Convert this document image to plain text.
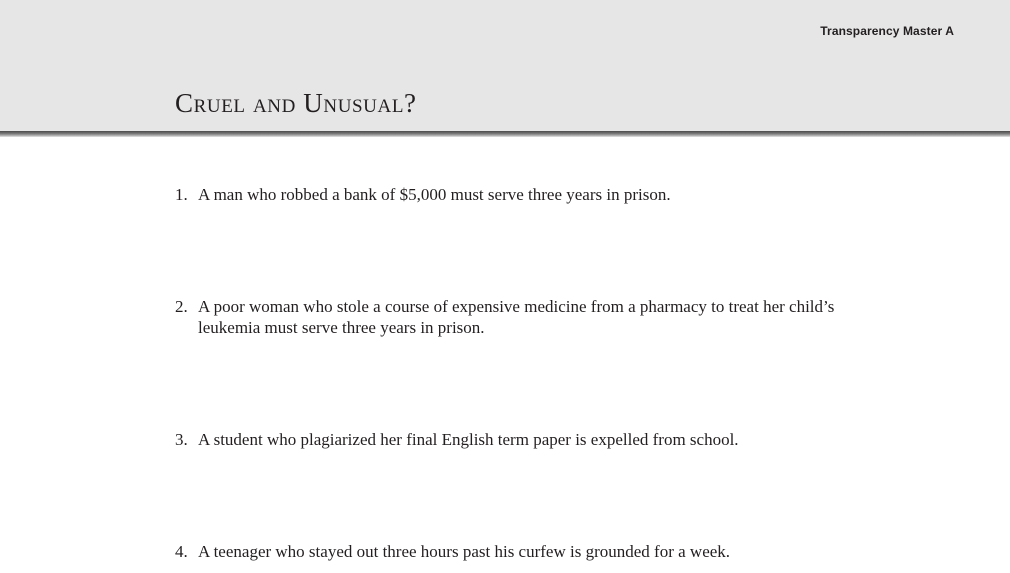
Transparency Master A
Cruel and Unusual?
1. A man who robbed a bank of $5,000 must serve three years in prison.
2. A poor woman who stole a course of expensive medicine from a pharmacy to treat her child’s leukemia must serve three years in prison.
3. A student who plagiarized her final English term paper is expelled from school.
4. A teenager who stayed out three hours past his curfew is grounded for a week.
